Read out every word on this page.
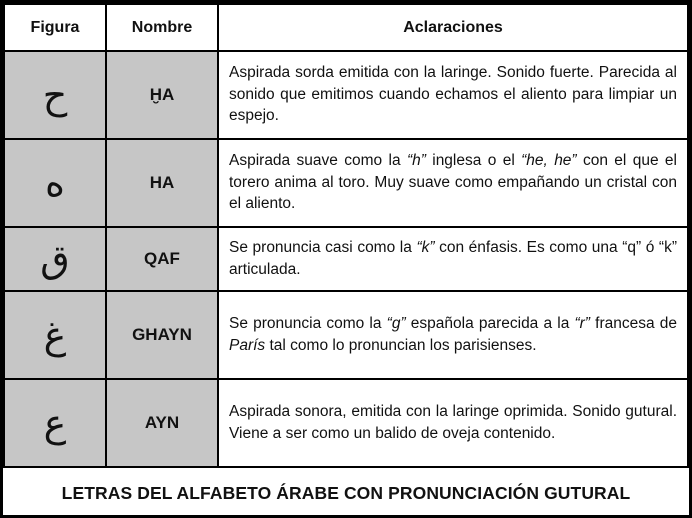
Figura	Nombre	Aclaraciones
ح	ḪA	Aspirada sorda emitida con la laringe. Sonido fuerte. Parecida al sonido que emitimos cuando echamos el aliento para limpiar un espejo.
ه	HA	Aspirada suave como la “h” inglesa o el “he, he” con el que el torero anima al toro. Muy suave como empañando un cristal con el aliento.
ق	QAF	Se pronuncia casi como la “k” con énfasis. Es como una “q” ó “k” articulada.
غ	GHAYN	Se pronuncia como la “g” española parecida a la “r” francesa de París tal como lo pronuncian los parisienses.
ع	AYN	Aspirada sonora, emitida con la laringe oprimida. Sonido gutural. Viene a ser como un balido de oveja contenido.
LETRAS DEL ALFABETO ÁRABE CON PRONUNCIACIÓN GUTURAL
